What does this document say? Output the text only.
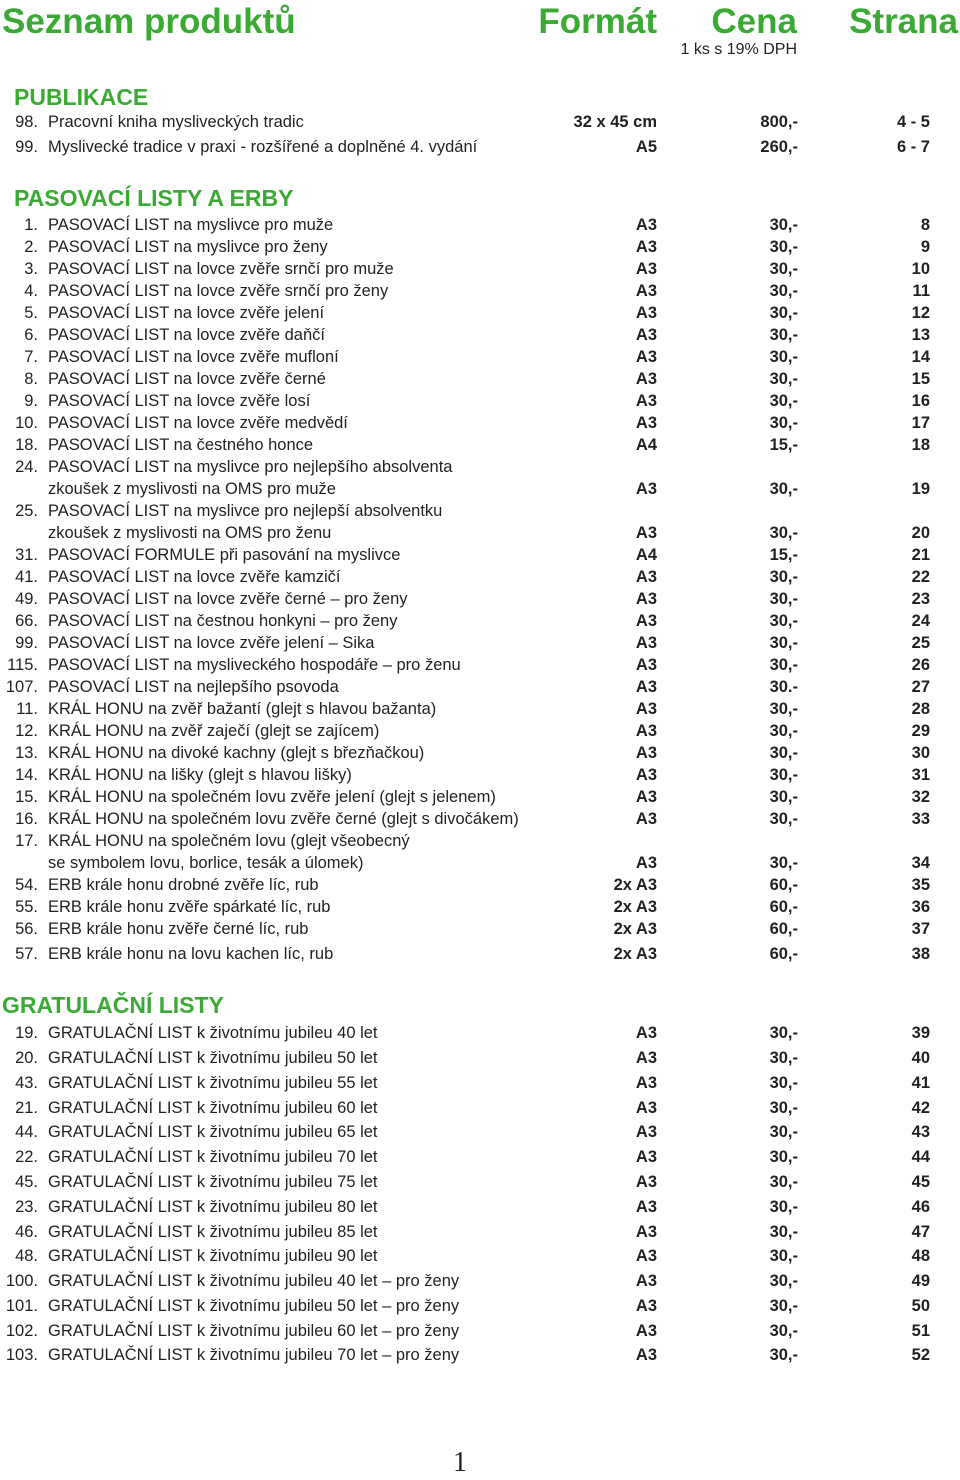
Seznam produktů	Formát Cena Strana
1 ks s 19% DPH
PUBLIKACE
PASOVACÍ LISTY A ERBY
GRATULAČNÍ LISTY
98. Pracovní kniha mysliveckých tradic	32 x 45 cm	800,-	4 - 5
99. Myslivecké tradice v praxi - rozšířené a doplněné 4. vydání	A5	260,-	6 - 7
1. PASOVACÍ LIST na myslivce pro muže	A3	30,-	8
2. PASOVACÍ LIST na myslivce pro ženy	A3	30,-	9
3. PASOVACÍ LIST na lovce zvěře srnčí pro muže	A3	30,-	10
4. PASOVACÍ LIST na lovce zvěře srnčí pro ženy	A3	30,-	11
5. PASOVACÍ LIST na lovce zvěře jelení	A3	30,-	12
6. PASOVACÍ LIST na lovce zvěře daňčí	A3	30,-	13
7. PASOVACÍ LIST na lovce zvěře mufloní	A3	30,-	14
8. PASOVACÍ LIST na lovce zvěře černé	A3	30,-	15
9. PASOVACÍ LIST na lovce zvěře losí	A3	30,-	16
10. PASOVACÍ LIST na lovce zvěře medvědí	A3	30,-	17
18. PASOVACÍ LIST na čestného honce	A4	15,-	18
24. PASOVACÍ LIST na myslivce pro nejlepšího absolventa
zkoušek z myslivosti na OMS pro muže	A3	30,-	19
25. PASOVACÍ LIST na myslivce pro nejlepší absolventku
zkoušek z myslivosti na OMS pro ženu	A3	30,-	20
31. PASOVACÍ FORMULE při pasování na myslivce	A4	15,-	21
41. PASOVACÍ LIST na lovce zvěře kamzičí	A3	30,-	22
49. PASOVACÍ LIST na lovce zvěře černé – pro ženy	A3	30,-	23
66. PASOVACÍ LIST na čestnou honkyni – pro ženy	A3	30,-	24
99. PASOVACÍ LIST na lovce zvěře jelení – Sika	A3	30,-	25
115. PASOVACÍ LIST na mysliveckého hospodáře – pro ženu	A3	30,-	26
107. PASOVACÍ LIST na nejlepšího psovoda	A3	30.-	27
11. KRÁL HONU na zvěř bažantí (glejt s hlavou bažanta)	A3	30,-	28
12. KRÁL HONU na zvěř zaječí (glejt se zajícem)	A3	30,-	29
13. KRÁL HONU na divoké kachny (glejt s březňačkou)	A3	30,-	30
14. KRÁL HONU na lišky (glejt s hlavou lišky)	A3	30,-	31
15. KRÁL HONU na společném lovu zvěře jelení (glejt s jelenem)	A3	30,-	32
16. KRÁL HONU na společném lovu zvěře černé (glejt s divočákem)	A3	30,-	33
17. KRÁL HONU na společném lovu (glejt všeobecný
se symbolem lovu, borlice, tesák a úlomek)	A3	30,-	34
54. ERB krále honu drobné zvěře líc, rub	2x A3	60,-	35
55. ERB krále honu zvěře spárkaté líc, rub	2x A3	60,-	36
56. ERB krále honu zvěře černé líc, rub	2x A3	60,-	37
57. ERB krále honu na lovu kachen líc, rub	2x A3	60,-	38
19. GRATULAČNÍ LIST k životnímu jubileu 40 let	A3	30,-	39
20. GRATULAČNÍ LIST k životnímu jubileu 50 let	A3	30,-	40
43. GRATULAČNÍ LIST k životnímu jubileu 55 let	A3	30,-	41
21. GRATULAČNÍ LIST k životnímu jubileu 60 let	A3	30,-	42
44. GRATULAČNÍ LIST k životnímu jubileu 65 let	A3	30,-	43
22. GRATULAČNÍ LIST k životnímu jubileu 70 let	A3	30,-	44
45. GRATULAČNÍ LIST k životnímu jubileu 75 let	A3	30,-	45
23. GRATULAČNÍ LIST k životnímu jubileu 80 let	A3	30,-	46
46. GRATULAČNÍ LIST k životnímu jubileu 85 let	A3	30,-	47
48. GRATULAČNÍ LIST k životnímu jubileu 90 let	A3	30,-	48
100. GRATULAČNÍ LIST k životnímu jubileu 40 let – pro ženy	A3	30,-	49
101. GRATULAČNÍ LIST k životnímu jubileu 50 let – pro ženy	A3	30,-	50
102. GRATULAČNÍ LIST k životnímu jubileu 60 let – pro ženy	A3	30,-	51
103. GRATULAČNÍ LIST k životnímu jubileu 70 let – pro ženy	A3	30,-	52
1
